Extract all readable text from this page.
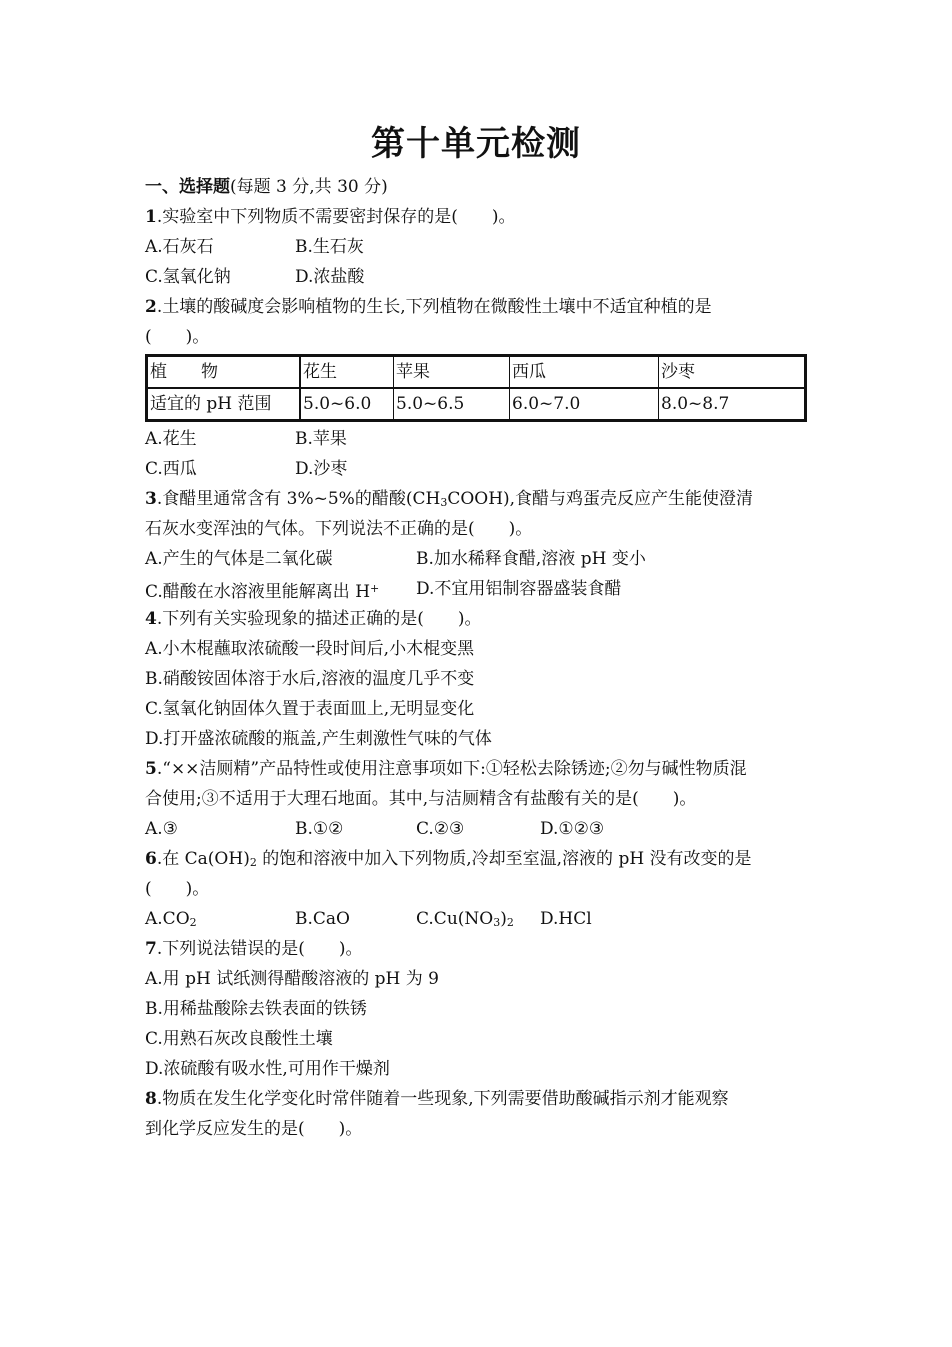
第十单元检测
一、选择题(每题 3 分,共 30 分)
1.实验室中下列物质不需要密封保存的是(　　)。
A.石灰石	B.生石灰
C.氢氧化钠	D.浓盐酸
2.土壤的酸碱度会影响植物的生长,下列植物在微酸性土壤中不适宜种植的是
(　　)。
植　　物	花生	苹果	西瓜	沙枣
适宜的 pH 范围	5.0~6.0	5.0~6.5	6.0~7.0	8.0~8.7
A.花生	B.苹果
C.西瓜	D.沙枣
3.食醋里通常含有 3%~5%的醋酸$(CH_3COOH)$,食醋与鸡蛋壳反应产生能使澄清
石灰水变浑浊的气体。下列说法不正确的是(　　)。
A.产生的气体是二氧化碳	B.加水稀释食醋,溶液 pH 变小
C.醋酸在水溶液里能解离出 H+	D.不宜用铝制容器盛装食醋
4.下列有关实验现象的描述正确的是(　　)。
A.小木棍蘸取浓硫酸一段时间后,小木棍变黑
B.硝酸铵固体溶于水后,溶液的温度几乎不变
C.氢氧化钠固体久置于表面皿上,无明显变化
D.打开盛浓硫酸的瓶盖,产生刺激性气味的气体
5.“××洁厕精”产品特性或使用注意事项如下:①轻松去除锈迹;②勿与碱性物质混
合使用;③不适用于大理石地面。其中,与洁厕精含有盐酸有关的是(　　)。
A.③	B.①②	C.②③	D.①②③
6.在 $Ca(OH)_2$ 的饱和溶液中加入下列物质,冷却至室温,溶液的 pH 没有改变的是
(　　)。
$A.CO_2$	B.CaO	$C.Cu(NO_3)_2$	D.HCl
7.下列说法错误的是(　　)。
A.用 pH 试纸测得醋酸溶液的 pH 为 9
B.用稀盐酸除去铁表面的铁锈
C.用熟石灰改良酸性土壤
D.浓硫酸有吸水性,可用作干燥剂
8.物质在发生化学变化时常伴随着一些现象,下列需要借助酸碱指示剂才能观察
到化学反应发生的是(　　)。
